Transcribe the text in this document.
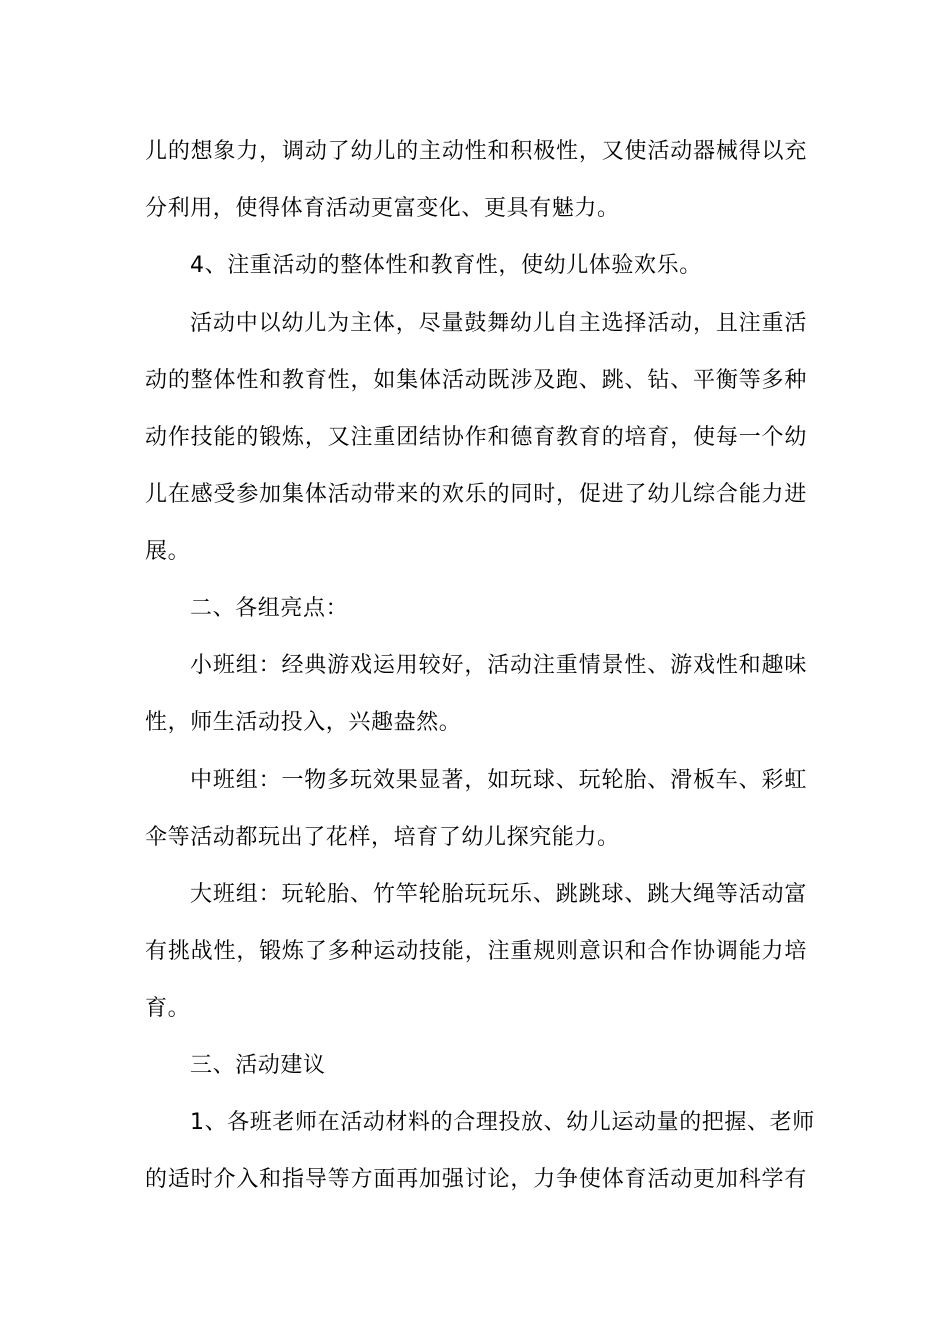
儿的想象力，调动了幼儿的主动性和积极性，又使活动器械得以充
分利用，使得体育活动更富变化、更具有魅力。
4、注重活动的整体性和教育性，使幼儿体验欢乐。
活动中以幼儿为主体，尽量鼓舞幼儿自主选择活动，且注重活
动的整体性和教育性，如集体活动既涉及跑、跳、钻、平衡等多种
动作技能的锻炼，又注重团结协作和德育教育的培育，使每一个幼
儿在感受参加集体活动带来的欢乐的同时，促进了幼儿综合能力进
展。
二、各组亮点：
小班组：经典游戏运用较好，活动注重情景性、游戏性和趣味
性，师生活动投入，兴趣盎然。
中班组：一物多玩效果显著，如玩球、玩轮胎、滑板车、彩虹
伞等活动都玩出了花样，培育了幼儿探究能力。
大班组：玩轮胎、竹竿轮胎玩玩乐、跳跳球、跳大绳等活动富
有挑战性，锻炼了多种运动技能，注重规则意识和合作协调能力培
育。
三、活动建议
1、各班老师在活动材料的合理投放、幼儿运动量的把握、老师
的适时介入和指导等方面再加强讨论，力争使体育活动更加科学有
